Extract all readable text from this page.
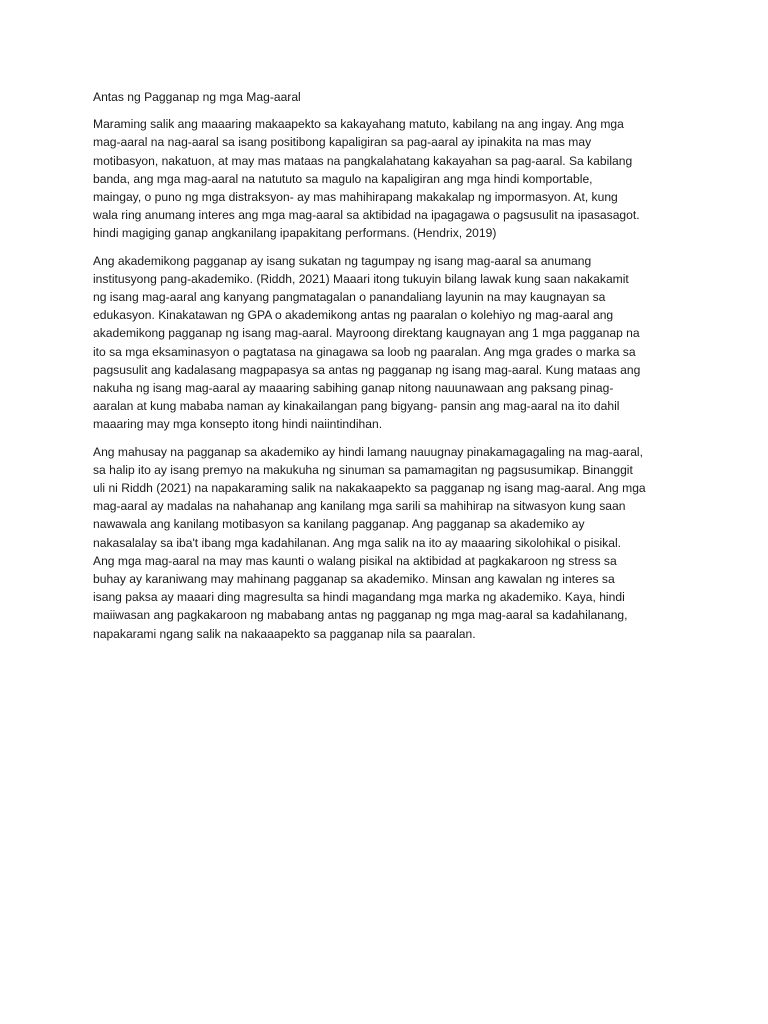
Antas ng Pagganap ng mga Mag-aaral
Maraming salik ang maaaring makaapekto sa kakayahang matuto, kabilang na ang ingay. Ang mga
mag-aaral na nag-aaral sa isang positibong kapaligiran sa pag-aaral ay ipinakita na mas may
motibasyon, nakatuon, at may mas mataas na pangkalahatang kakayahan sa pag-aaral. Sa kabilang
banda, ang mga mag-aaral na natututo sa magulo na kapaligiran ang mga hindi komportable,
maingay, o puno ng mga distraksyon- ay mas mahihirapang makakalap ng impormasyon. At, kung
wala ring anumang interes ang mga mag-aaral sa aktibidad na ipagagawa o pagsusulit na ipasasagot.
hindi magiging ganap angkanilang ipapakitang performans. (Hendrix, 2019)
Ang akademikong pagganap ay isang sukatan ng tagumpay ng isang mag-aaral sa anumang
institusyong pang-akademiko. (Riddh, 2021) Maaari itong tukuyin bilang lawak kung saan nakakamit
ng isang mag-aaral ang kanyang pangmatagalan o panandaliang layunin na may kaugnayan sa
edukasyon. Kinakatawan ng GPA o akademikong antas ng paaralan o kolehiyo ng mag-aaral ang
akademikong pagganap ng isang mag-aaral. Mayroong direktang kaugnayan ang 1 mga pagganap na
ito sa mga eksaminasyon o pagtatasa na ginagawa sa loob ng paaralan. Ang mga grades o marka sa
pagsusulit ang kadalasang magpapasya sa antas ng pagganap ng isang mag-aaral. Kung mataas ang
nakuha ng isang mag-aaral ay maaaring sabihing ganap nitong nauunawaan ang paksang pinag-
aaralan at kung mababa naman ay kinakailangan pang bigyang- pansin ang mag-aaral na ito dahil
maaaring may mga konsepto itong hindi naiintindihan.
Ang mahusay na pagganap sa akademiko ay hindi lamang nauugnay pinakamagagaling na mag-aaral,
sa halip ito ay isang premyo na makukuha ng sinuman sa pamamagitan ng pagsusumikap. Binanggit
uli ni Riddh (2021) na napakaraming salik na nakakaapekto sa pagganap ng isang mag-aaral. Ang mga
mag-aaral ay madalas na nahahanap ang kanilang mga sarili sa mahihirap na sitwasyon kung saan
nawawala ang kanilang motibasyon sa kanilang pagganap. Ang pagganap sa akademiko ay
nakasalalay sa iba't ibang mga kadahilanan. Ang mga salik na ito ay maaaring sikolohikal o pisikal.
Ang mga mag-aaral na may mas kaunti o walang pisikal na aktibidad at pagkakaroon ng stress sa
buhay ay karaniwang may mahinang pagganap sa akademiko. Minsan ang kawalan ng interes sa
isang paksa ay maaari ding magresulta sa hindi magandang mga marka ng akademiko. Kaya, hindi
maiiwasan ang pagkakaroon ng mababang antas ng pagganap ng mga mag-aaral sa kadahilanang,
napakarami ngang salik na nakaaapekto sa pagganap nila sa paaralan.
